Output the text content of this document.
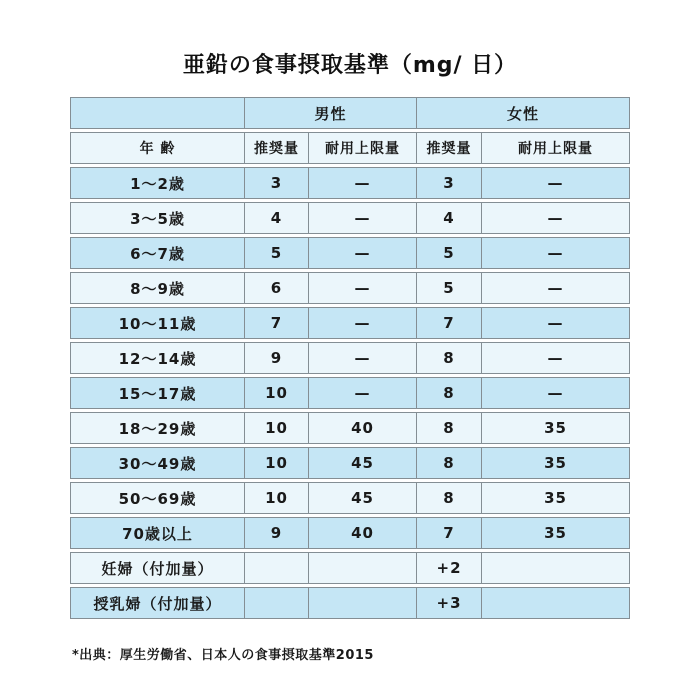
亜鉛の食事摂取基準（mg/ 日）
	男性		女性	
年 齢	推奨量	耐用上限量	推奨量	耐用上限量
1～2歳	3	—	3	—
3～5歳	4	—	4	—
6～7歳	5	—	5	—
8～9歳	6	—	5	—
10～11歳	7	—	7	—
12～14歳	9	—	8	—
15～17歳	10	—	8	—
18～29歳	10	40	8	35
30～49歳	10	45	8	35
50～69歳	10	45	8	35
70歳以上	9	40	7	35
妊婦（付加量）			+2	
授乳婦（付加量）			+3	
*出典：厚生労働省、日本人の食事摂取基準2015
